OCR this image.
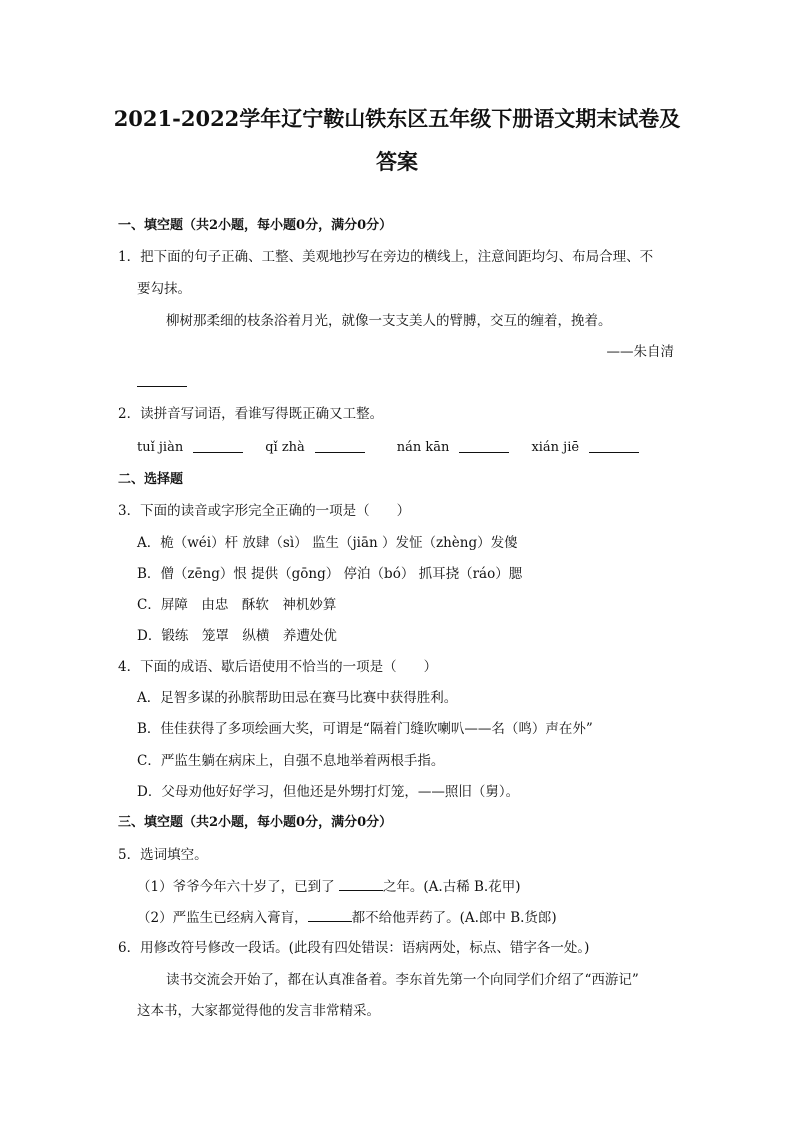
2021-2022学年辽宁鞍山铁东区五年级下册语文期末试卷及
答案
一、填空题（共2小题，每小题0分，满分0分）
1．把下面的句子正确、工整、美观地抄写在旁边的横线上，注意间距均匀、布局合理、不
要勾抹。
柳树那柔细的枝条浴着月光，就像一支支美人的臂膊，交互的缠着，挽着。
——朱自清
2．读拼音写词语，看谁写得既正确又工整。
tuǐ jiàn	qǐ zhà	nán kān	xián jiē
二、选择题
3．下面的读音或字形完全正确的一项是（　　）
A．桅（wéi）杆 放肆（sì） 监生（jiān ）发怔（zhèng）发傻
B．僧（zēng）恨 提供（gōng） 停泊（bó） 抓耳挠（ráo）腮
C．屏障　由忠　酥软　神机妙算
D．锻练　笼罩　纵横　养遭处优
4．下面的成语、歇后语使用不恰当的一项是（　　）
A．足智多谋的孙膑帮助田忌在赛马比赛中获得胜利。
B．佳佳获得了多项绘画大奖，可谓是“隔着门缝吹喇叭——名（鸣）声在外”
C．严监生躺在病床上，自强不息地举着两根手指。
D．父母劝他好好学习，但他还是外甥打灯笼，——照旧（舅）。
三、填空题（共2小题，每小题0分，满分0分）
5．选词填空。
（1）爷爷今年六十岁了，已到了	之年。(A.古稀 B.花甲)
（2）严监生已经病入膏肓，	都不给他弄药了。(A.郎中 B.货郎)
6．用修改符号修改一段话。(此段有四处错误：语病两处，标点、错字各一处。)
读书交流会开始了，都在认真准备着。李东首先第一个向同学们介绍了“西游记”
这本书，大家都觉得他的发言非常精采。
